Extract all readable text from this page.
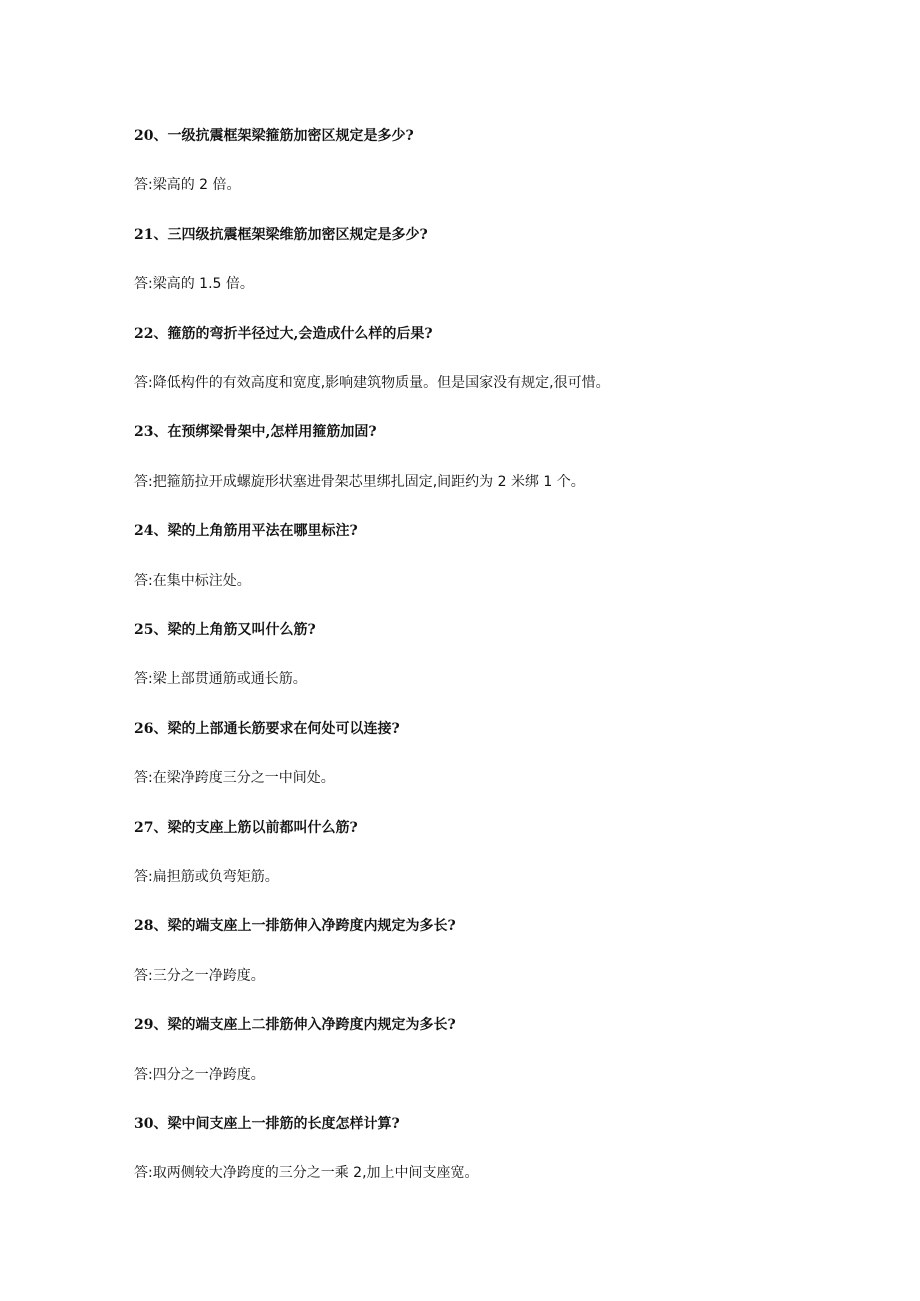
20、一级抗震框架梁箍筋加密区规定是多少?
答:梁高的 2 倍。
21、三四级抗震框架梁维筋加密区规定是多少?
答:梁高的 1.5 倍。
22、箍筋的弯折半径过大,会造成什么样的后果?
答:降低构件的有效高度和宽度,影响建筑物质量。但是国家没有规定,很可惜。
23、在预绑梁骨架中,怎样用箍筋加固?
答:把箍筋拉开成螺旋形状塞进骨架芯里绑扎固定,间距约为 2 米绑 1 个。
24、梁的上角筋用平法在哪里标注?
答:在集中标注处。
25、梁的上角筋又叫什么筋?
答:梁上部贯通筋或通长筋。
26、梁的上部通长筋要求在何处可以连接?
答:在梁净跨度三分之一中间处。
27、梁的支座上筋以前都叫什么筋?
答:扁担筋或负弯矩筋。
28、梁的端支座上一排筋伸入净跨度内规定为多长?
答:三分之一净跨度。
29、梁的端支座上二排筋伸入净跨度内规定为多长?
答:四分之一净跨度。
30、梁中间支座上一排筋的长度怎样计算?
答:取两侧较大净跨度的三分之一乘 2,加上中间支座宽。
